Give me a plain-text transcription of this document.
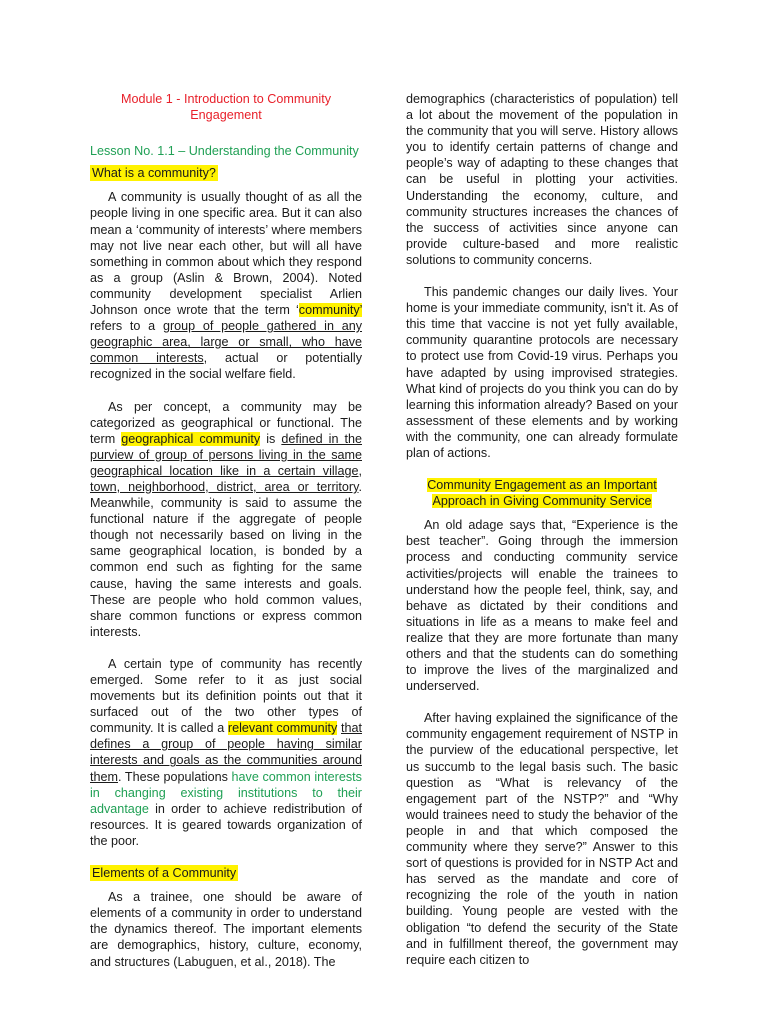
Module 1 - Introduction to Community Engagement

Lesson No. 1.1 – Understanding the Community

What is a community?

A community is usually thought of as all the people living in one specific area. But it can also mean a ‘community of interests’ where members may not live near each other, but will all have something in common about which they respond as a group (Aslin & Brown, 2004). Noted community development specialist Arlien Johnson once wrote that the term ‘community’ refers to a group of people gathered in any geographic area, large or small, who have common interests, actual or potentially recognized in the social welfare field.

As per concept, a community may be categorized as geographical or functional. The term geographical community is defined in the purview of group of persons living in the same geographical location like in a certain village, town, neighborhood, district, area or territory. Meanwhile, community is said to assume the functional nature if the aggregate of people though not necessarily based on living in the same geographical location, is bonded by a common end such as fighting for the same cause, having the same interests and goals. These are people who hold common values, share common functions or express common interests.

A certain type of community has recently emerged. Some refer to it as just social movements but its definition points out that it surfaced out of the two other types of community. It is called a relevant community that defines a group of people having similar interests and goals as the communities around them. These populations have common interests in changing existing institutions to their advantage in order to achieve redistribution of resources. It is geared towards organization of the poor.

Elements of a Community

As a trainee, one should be aware of elements of a community in order to understand the dynamics thereof. The important elements are demographics, history, culture, economy, and structures (Labuguen, et al., 2018). The

demographics (characteristics of population) tell a lot about the movement of the population in the community that you will serve. History allows you to identify certain patterns of change and people’s way of adapting to these changes that can be useful in plotting your activities. Understanding the economy, culture, and community structures increases the chances of the success of activities since anyone can provide culture-based and more realistic solutions to community concerns.

This pandemic changes our daily lives. Your home is your immediate community, isn't it. As of this time that vaccine is not yet fully available, community quarantine protocols are necessary to protect use from Covid-19 virus. Perhaps you have adapted by using improvised strategies. What kind of projects do you think you can do by learning this information already? Based on your assessment of these elements and by working with the community, one can already formulate plan of actions.

Community Engagement as an Important
Approach in Giving Community Service

An old adage says that, “Experience is the best teacher”. Going through the immersion process and conducting community service activities/projects will enable the trainees to understand how the people feel, think, say, and behave as dictated by their conditions and situations in life as a means to make feel and realize that they are more fortunate than many others and that the students can do something to improve the lives of the marginalized and underserved.

After having explained the significance of the community engagement requirement of NSTP in the purview of the educational perspective, let us succumb to the legal basis such. The basic question as “What is relevancy of the engagement part of the NSTP?” and “Why would trainees need to study the behavior of the people in and that which composed the community where they serve?” Answer to this sort of questions is provided for in NSTP Act and has served as the mandate and core of recognizing the role of the youth in nation building. Young people are vested with the obligation “to defend the security of the State and in fulfillment thereof, the government may require each citizen to
